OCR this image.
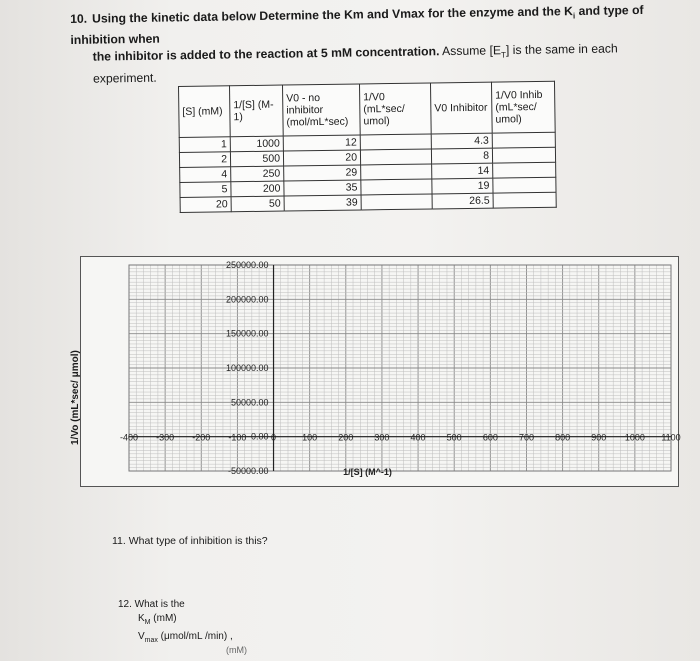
10. Using the kinetic data below Determine the Km and Vmax for the enzyme and the $K_i$ and type of inhibition when
the inhibitor is added to the reaction at 5 mM concentration. Assume $[E_T]$ is the same in each experiment.
[S] (mM)	1/[S] (M-1)	V0 - no inhibitor (mol/mL*sec)	1/V0 (mL*sec/ umol)	V0 Inhibitor	1/V0 Inhib (mL*sec/ umol)
1	1000	12		4.3	
2	500	20		8	
4	250	29		14	
5	200	35		19	
20	50	39		26.5	
-400 -300 -200 -100	0	100 200 300 400 500 600 700 800 900 1000 1100
250000.00
200000.00
150000.00
100000.00
50000.00
0.00
-50000.00	1/[S] (M^-1)
1/Vo (mL*sec/ μmol)
11. What type of inhibition is this?
12. What is the
$K_M$ (mM)
$V_{max}$ (μmol/mL /min) ,
(mM)
